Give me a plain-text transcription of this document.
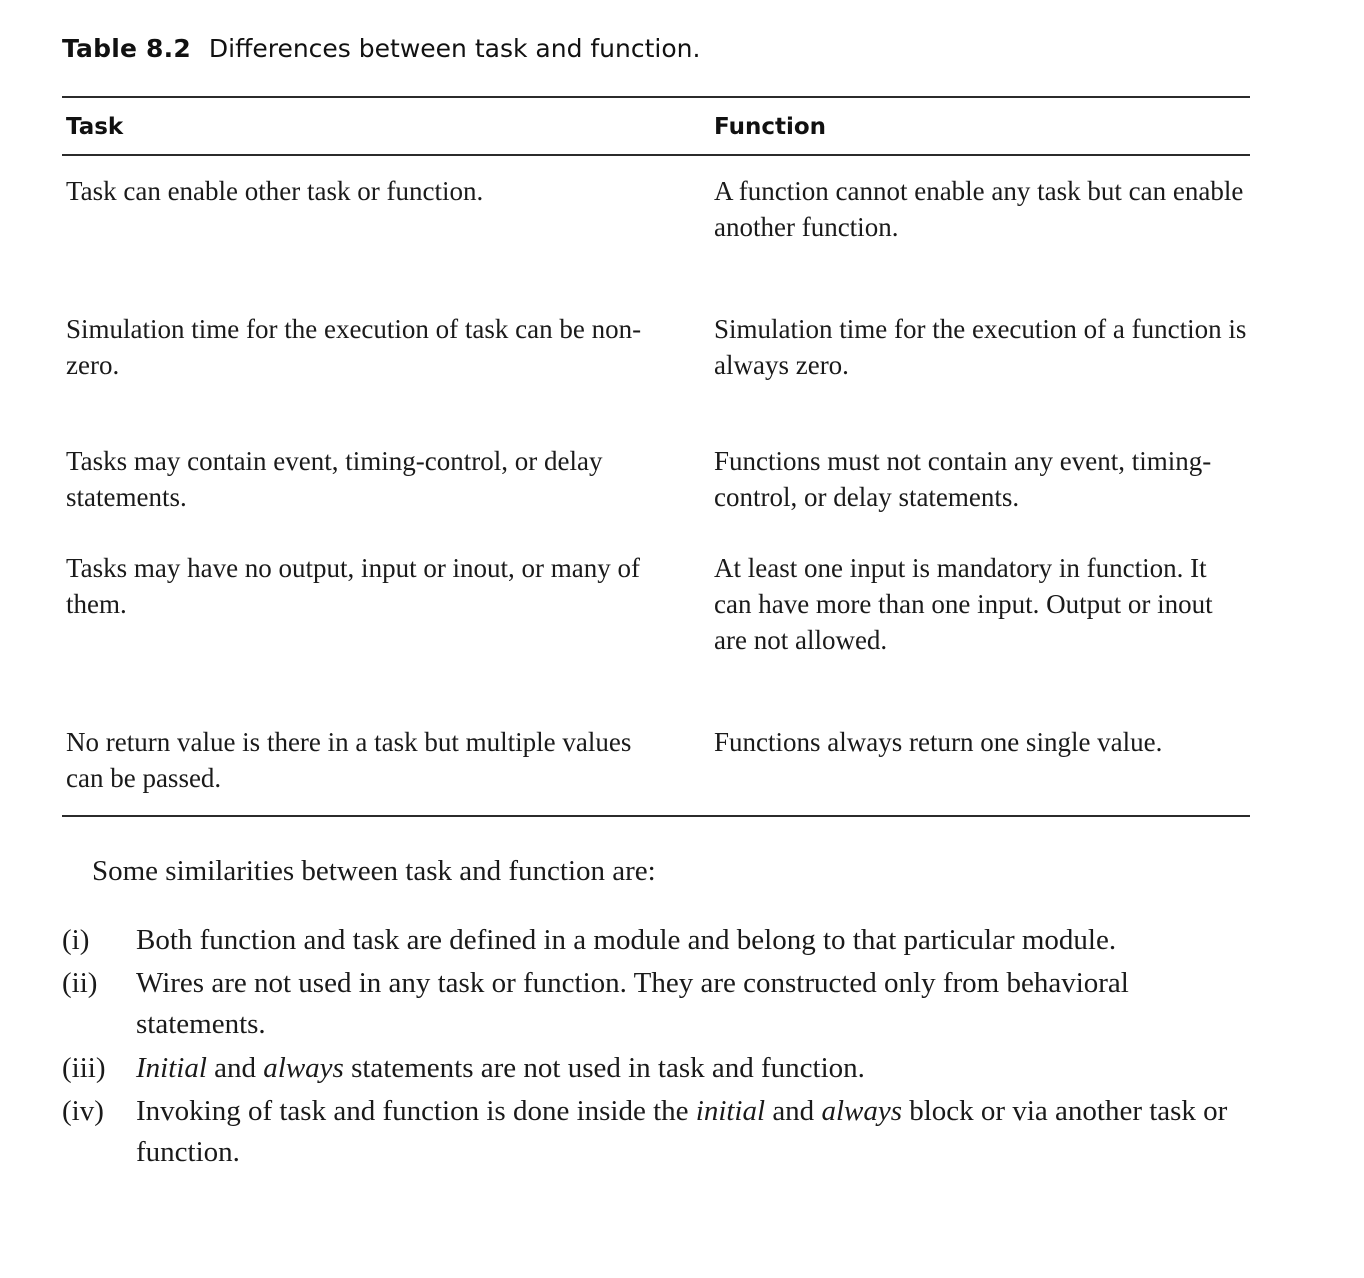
Table 8.2 Differences between task and function.
Task	Function
Task can enable other task or function.	A function cannot enable any task but can enable another function.
Simulation time for the execution of task can be non-zero.	Simulation time for the execution of a function is always zero.
Tasks may contain event, timing-control, or delay statements.	Functions must not contain any event, timing-control, or delay statements.
Tasks may have no output, input or inout, or many of them.	At least one input is mandatory in function. It can have more than one input. Output or inout are not allowed.
No return value is there in a task but multiple values can be passed.	Functions always return one single value.
Some similarities between task and function are:
(i)	Both function and task are defined in a module and belong to that particular module.
(ii)	Wires are not used in any task or function. They are constructed only from behavioral statements.
(iii)	Initial and always statements are not used in task and function.
(iv)	Invoking of task and function is done inside the initial and always block or via another task or function.
